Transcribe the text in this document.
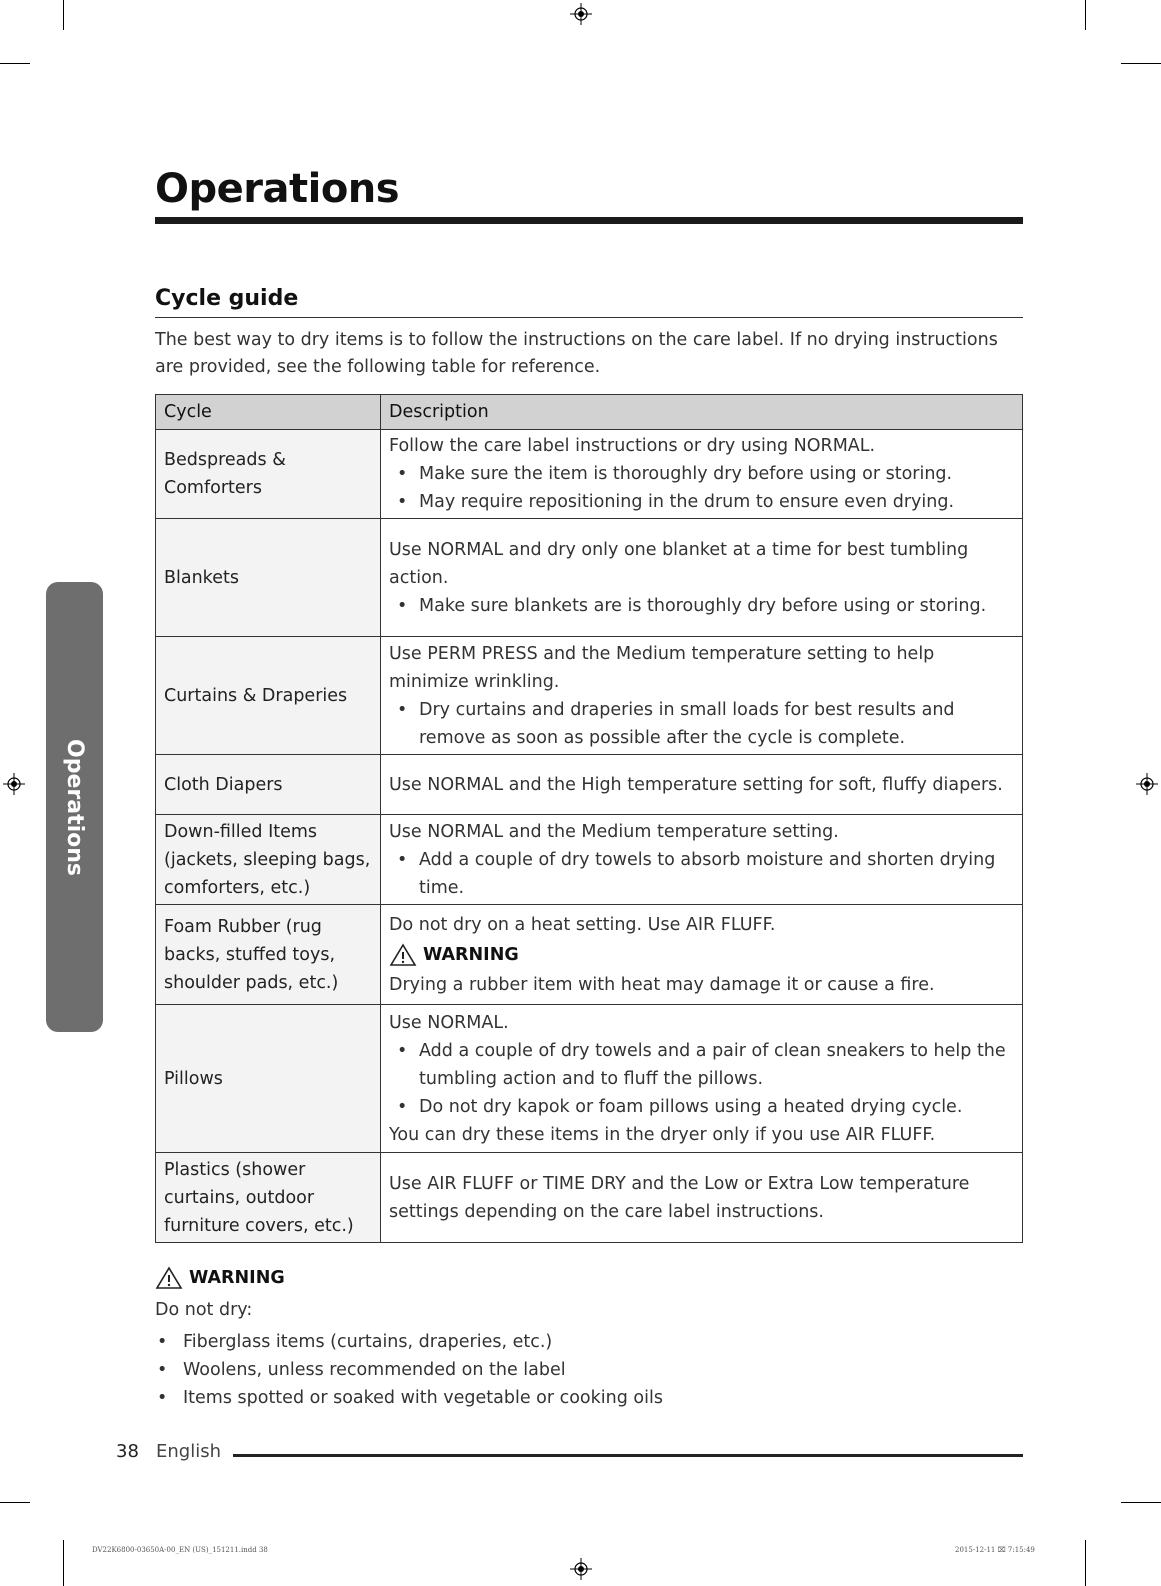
Operations
Operations
Cycle guide

The best way to dry items is to follow the instructions on the care label. If no drying instructions are provided, see the following table for reference.

Cycle	Description
Bedspreads & Comforters	Follow the care label instructions or dry using NORMAL.
• Make sure the item is thoroughly dry before using or storing.
• May require repositioning in the drum to ensure even drying.

Blankets	Use NORMAL and dry only one blanket at a time for best tumbling action.
• Make sure blankets are is thoroughly dry before using or storing.

Curtains & Draperies	Use PERM PRESS and the Medium temperature setting to help minimize wrinkling.
• Dry curtains and draperies in small loads for best results and remove as soon as possible after the cycle is complete.

Cloth Diapers	Use NORMAL and the High temperature setting for soft, fluffy diapers.

Down-filled Items (jackets, sleeping bags, comforters, etc.)	Use NORMAL and the Medium temperature setting.
• Add a couple of dry towels to absorb moisture and shorten drying time.

Foam Rubber (rug backs, stuffed toys, shoulder pads, etc.)	Do not dry on a heat setting. Use AIR FLUFF.
WARNING
Drying a rubber item with heat may damage it or cause a fire.

Pillows	Use NORMAL.
• Add a couple of dry towels and a pair of clean sneakers to help the tumbling action and to fluff the pillows.
• Do not dry kapok or foam pillows using a heated drying cycle.
You can dry these items in the dryer only if you use AIR FLUFF.

Plastics (shower curtains, outdoor furniture covers, etc.)	Use AIR FLUFF or TIME DRY and the Low or Extra Low temperature settings depending on the care label instructions.
WARNING

Do not dry:

• Fiberglass items (curtains, draperies, etc.)
• Woolens, unless recommended on the label
• Items spotted or soaked with vegetable or cooking oils
38 English
DV22K6800-03650A-00_EN (US)_151211.indd 38	2015-12-11 ⌧ 7:15:49
